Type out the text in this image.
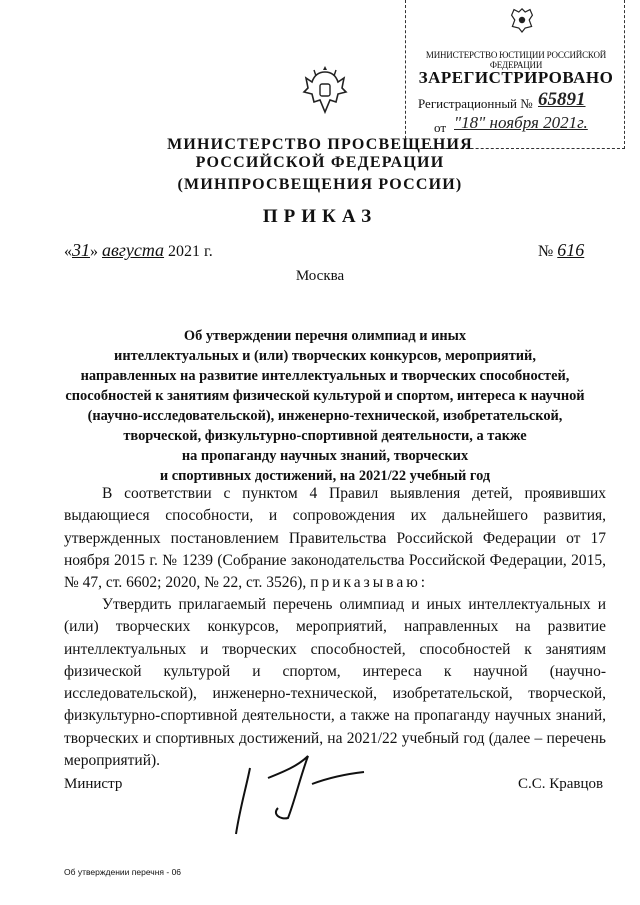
МИНИСТЕРСТВО ЮСТИЦИИ РОССИЙСКОЙ ФЕДЕРАЦИИ
ЗАРЕГИСТРИРОВАНО
Регистрационный № 65891
от "18" ноября 2021г.
МИНИСТЕРСТВО ПРОСВЕЩЕНИЯ
РОССИЙСКОЙ ФЕДЕРАЦИИ
(МИНПРОСВЕЩЕНИЯ РОССИИ)
ПРИКАЗ
«31» августа 2021 г.	№ 616
Москва
Об утверждении перечня олимпиад и иных
интеллектуальных и (или) творческих конкурсов, мероприятий,
направленных на развитие интеллектуальных и творческих способностей,
способностей к занятиям физической культурой и спортом, интереса к научной
(научно-исследовательской), инженерно-технической, изобретательской,
творческой, физкультурно-спортивной деятельности, а также
на пропаганду научных знаний, творческих
и спортивных достижений, на 2021/22 учебный год
В соответствии с пунктом 4 Правил выявления детей, проявивших выдающиеся способности, и сопровождения их дальнейшего развития, утвержденных постановлением Правительства Российской Федерации от 17 ноября 2015 г. № 1239 (Собрание законодательства Российской Федерации, 2015, № 47, ст. 6602; 2020, № 22, ст. 3526), приказываю:
Утвердить прилагаемый перечень олимпиад и иных интеллектуальных и (или) творческих конкурсов, мероприятий, направленных на развитие интеллектуальных и творческих способностей, способностей к занятиям физической культурой и спортом, интереса к научной (научно-исследовательской), инженерно-технической, изобретательской, творческой, физкультурно-спортивной деятельности, а также на пропаганду научных знаний, творческих и спортивных достижений, на 2021/22 учебный год (далее – перечень мероприятий).
Министр	С.С. Кравцов
Об утверждении перечня - 06
